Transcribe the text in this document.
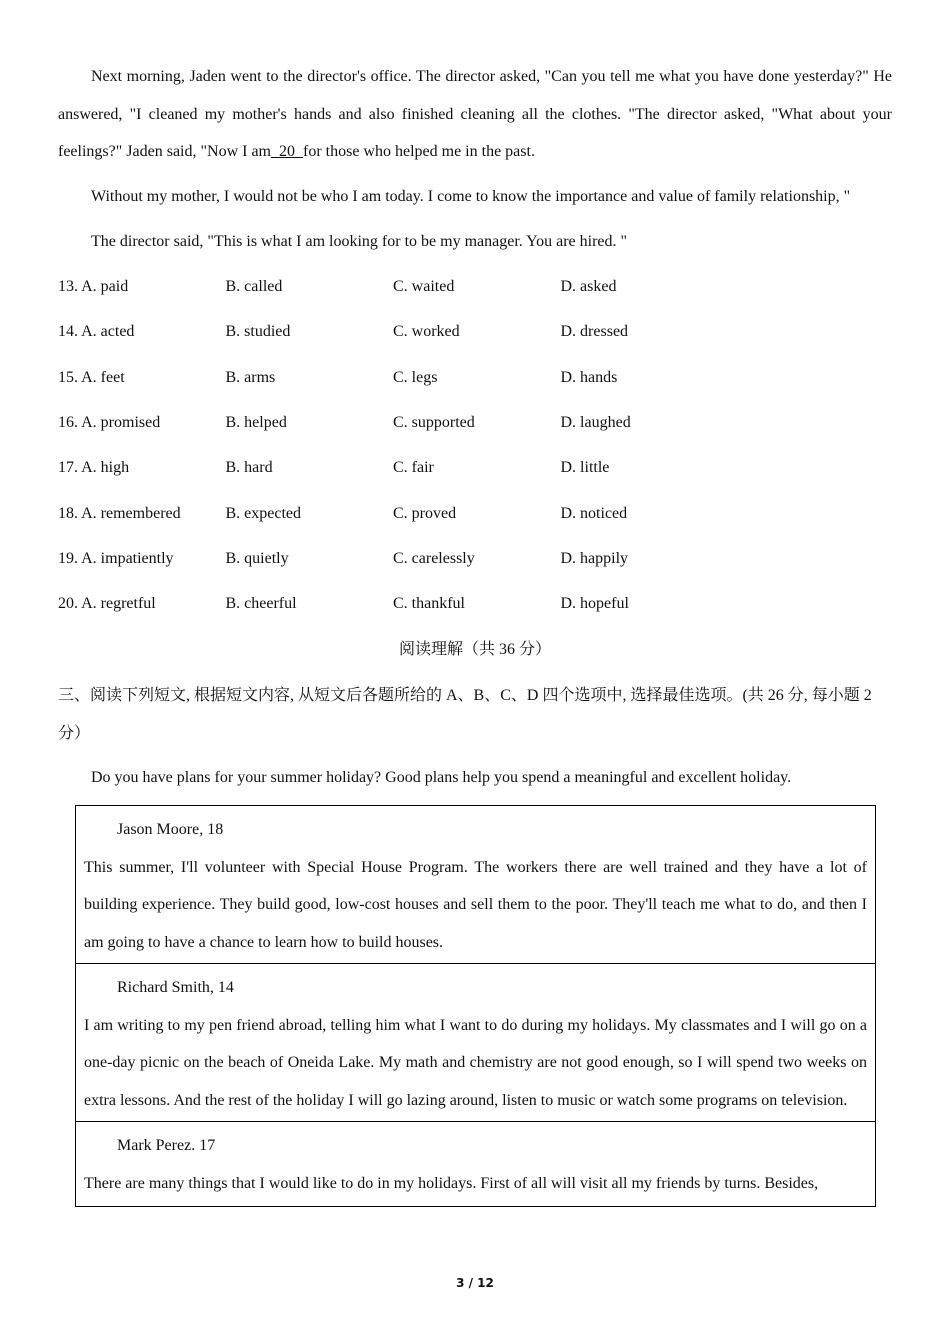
Next morning, Jaden went to the director's office. The director asked, "Can you tell me what you have done yesterday?" He answered, "I cleaned my mother's hands and also finished cleaning all the clothes. "The director asked, "What about your feelings?" Jaden said, "Now I am_20_for those who helped me in the past.

Without my mother, I would not be who I am today. I come to know the importance and value of family relationship, "
The director said, "This is what I am looking for to be my manager. You are hired. "
13. A. paid	B. called	C. waited	D. asked
14. A. acted	B. studied	C. worked	D. dressed
15. A. feet	B. arms	C. legs	D. hands
16. A. promised	B. helped	C. supported	D. laughed
17. A. high	B. hard	C. fair	D. little
18. A. remembered	B. expected	C. proved	D. noticed
19. A. impatiently	B. quietly	C. carelessly	D. happily
20. A. regretful	B. cheerful	C. thankful	D. hopeful
阅读理解（共 36 分）
三、阅读下列短文, 根据短文内容, 从短文后各题所给的 A、B、C、D 四个选项中, 选择最佳选项。(共 26 分, 每小题 2 分）
Do you have plans for your summer holiday? Good plans help you spend a meaningful and excellent holiday.
Jason Moore, 18
This summer, I'll volunteer with Special House Program. The workers there are well trained and they have a lot of building experience. They build good, low-cost houses and sell them to the poor. They'll teach me what to do, and then I am going to have a chance to learn how to build houses.

Richard Smith, 14
I am writing to my pen friend abroad, telling him what I want to do during my holidays. My classmates and I will go on a one-day picnic on the beach of Oneida Lake. My math and chemistry are not good enough, so I will spend two weeks on extra lessons. And the rest of the holiday I will go lazing around, listen to music or watch some programs on television.

Mark Perez. 17
There are many things that I would like to do in my holidays. First of all will visit all my friends by turns. Besides,
3 / 12
